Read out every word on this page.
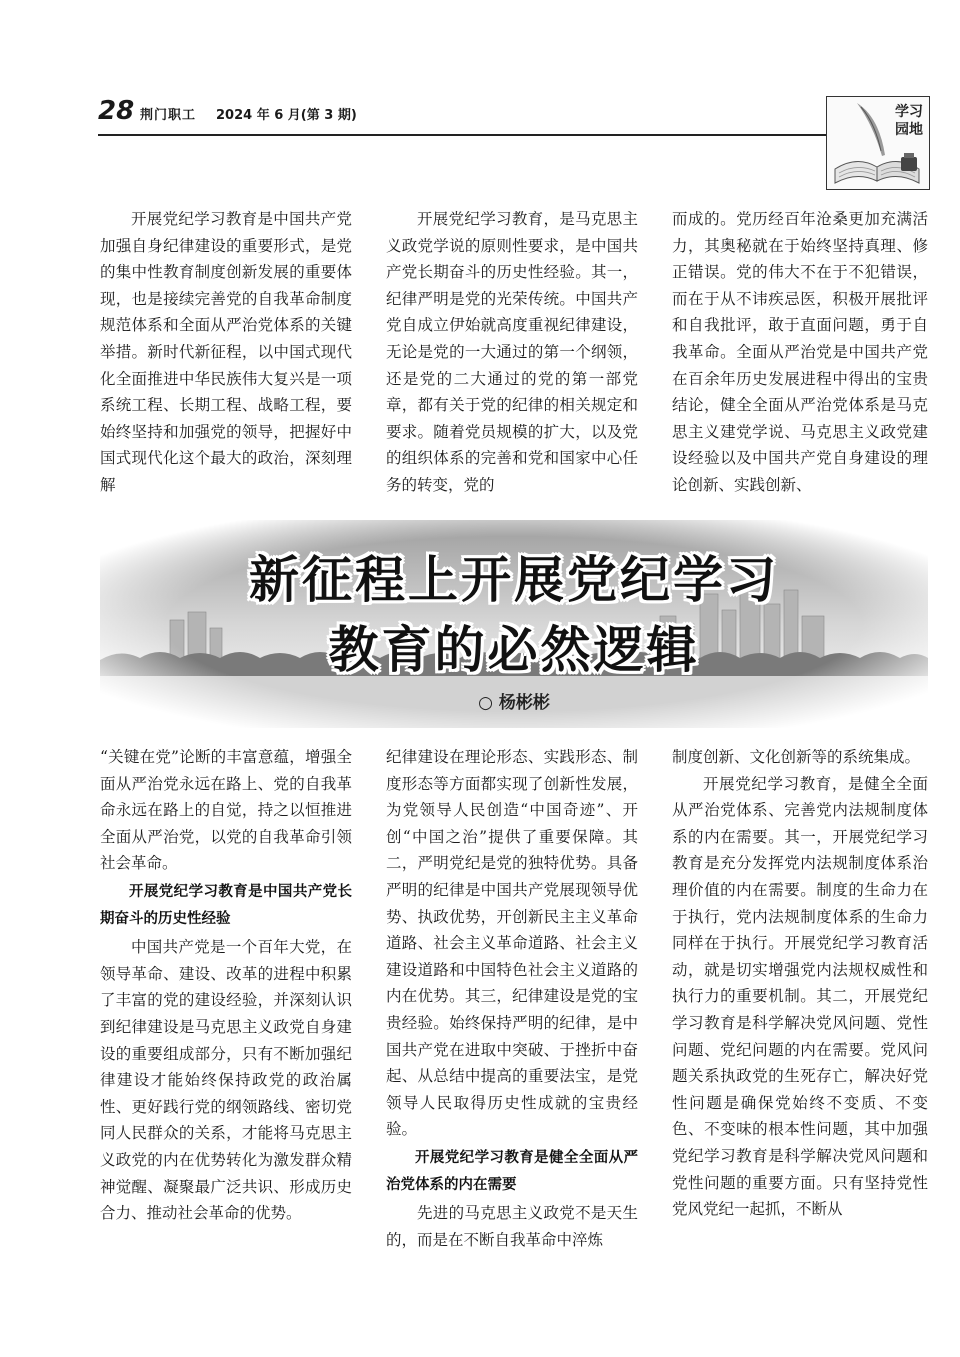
28 荆门职工 2024 年 6 月(第 3 期)	学习
园地

开展党纪学习教育是中国共产党加强自身纪律建设的重要形式，是党的集中性教育制度创新发展的重要体现，也是接续完善党的自我革命制度规范体系和全面从严治党体系的关键举措。新时代新征程，以中国式现代化全面推进中华民族伟大复兴是一项系统工程、长期工程、战略工程，要始终坚持和加强党的领导，把握好中国式现代化这个最大的政治，深刻理解

开展党纪学习教育，是马克思主义政党学说的原则性要求，是中国共产党长期奋斗的历史性经验。其一，纪律严明是党的光荣传统。中国共产党自成立伊始就高度重视纪律建设，无论是党的一大通过的第一个纲领，还是党的二大通过的党的第一部党章，都有关于党的纪律的相关规定和要求。随着党员规模的扩大，以及党的组织体系的完善和党和国家中心任务的转变，党的

而成的。党历经百年沧桑更加充满活力，其奥秘就在于始终坚持真理、修正错误。党的伟大不在于不犯错误，而在于从不讳疾忌医，积极开展批评和自我批评，敢于直面问题，勇于自我革命。全面从严治党是中国共产党在百余年历史发展进程中得出的宝贵结论，健全全面从严治党体系是马克思主义建党学说、马克思主义政党建设经验以及中国共产党自身建设的理论创新、实践创新、

新征程上开展党纪学习
教育的必然逻辑
○ 杨彬彬

“关键在党”论断的丰富意蕴，增强全面从严治党永远在路上、党的自我革命永远在路上的自觉，持之以恒推进全面从严治党，以党的自我革命引领社会革命。

开展党纪学习教育是中国共产党长期奋斗的历史性经验

中国共产党是一个百年大党，在领导革命、建设、改革的进程中积累了丰富的党的建设经验，并深刻认识到纪律建设是马克思主义政党自身建设的重要组成部分，只有不断加强纪律建设才能始终保持政党的政治属性、更好践行党的纲领路线、密切党同人民群众的关系，才能将马克思主义政党的内在优势转化为激发群众精神觉醒、凝聚最广泛共识、形成历史合力、推动社会革命的优势。

纪律建设在理论形态、实践形态、制度形态等方面都实现了创新性发展，为党领导人民创造“中国奇迹”、开创“中国之治”提供了重要保障。其二，严明党纪是党的独特优势。具备严明的纪律是中国共产党展现领导优势、执政优势，开创新民主主义革命道路、社会主义革命道路、社会主义建设道路和中国特色社会主义道路的内在优势。其三，纪律建设是党的宝贵经验。始终保持严明的纪律，是中国共产党在进取中突破、于挫折中奋起、从总结中提高的重要法宝，是党领导人民取得历史性成就的宝贵经验。

开展党纪学习教育是健全全面从严治党体系的内在需要

先进的马克思主义政党不是天生的，而是在不断自我革命中淬炼

制度创新、文化创新等的系统集成。

开展党纪学习教育，是健全全面从严治党体系、完善党内法规制度体系的内在需要。其一，开展党纪学习教育是充分发挥党内法规制度体系治理价值的内在需要。制度的生命力在于执行，党内法规制度体系的生命力同样在于执行。开展党纪学习教育活动，就是切实增强党内法规权威性和执行力的重要机制。其二，开展党纪学习教育是科学解决党风问题、党性问题、党纪问题的内在需要。党风问题关系执政党的生死存亡，解决好党性问题是确保党始终不变质、不变色、不变味的根本性问题，其中加强党纪学习教育是科学解决党风问题和党性问题的重要方面。只有坚持党性党风党纪一起抓，不断从
